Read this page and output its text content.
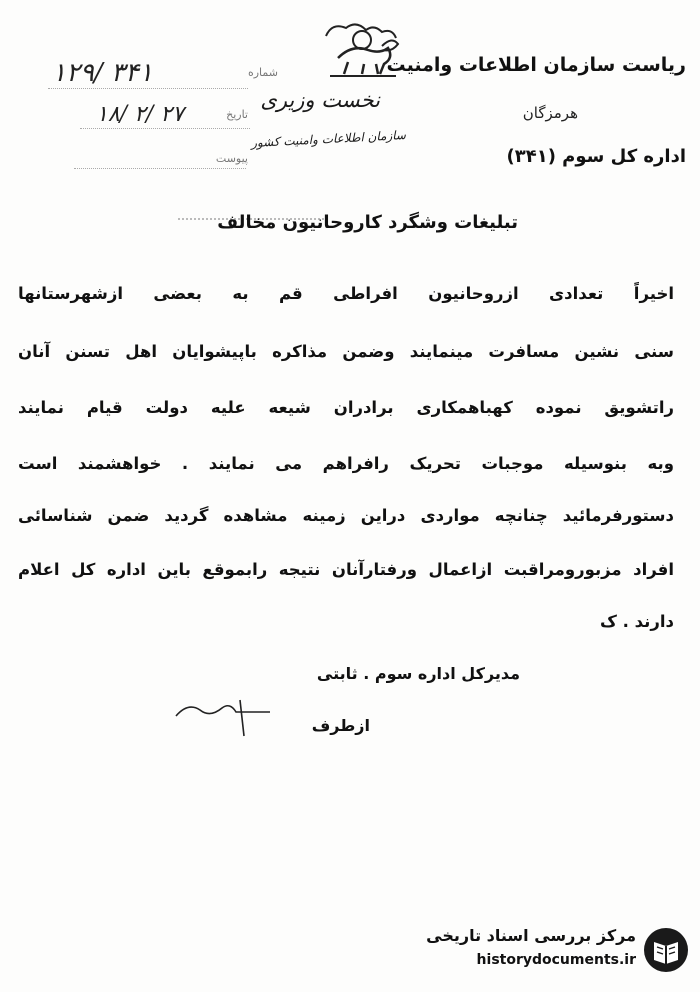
ریاست سازمان اطلاعات وامنیت
نخست وزیری
هرمزگان
سازمان اطلاعات وامنیت کشور
اداره کل سوم (۳۴۱)
شماره
۱۲۹/ ۳۴۱
تاریخ
۱۸/ ۲/ ۲۷
پیوست
تبلیغات وشگرد کاروحانیون مخالف
اخیراً تعدادی ازروحانیون افراطی قم به بعضی ازشهرستانها
سنی نشین مسافرت مینمایند وضمن مذاکره باپیشوایان اهل تسنن آنان
راتشویق نموده کهباهمکاری برادران شیعه علیه دولت قیام نمایند
وبه بنوسیله موجبات تحریک رافراهم می نمایند . خواهشمند است
دستورفرمائید چنانچه مواردی دراین زمینه مشاهده گردید ضمن شناسائی
افراد مزبورومراقبت ازاعمال ورفتارآنان نتیجه رابموقع باین اداره کل اعلام
دارند . ک
مدیرکل اداره سوم . ثابتی
ازطرف
مرکز بررسی اسناد تاریخی
historydocuments.ir
